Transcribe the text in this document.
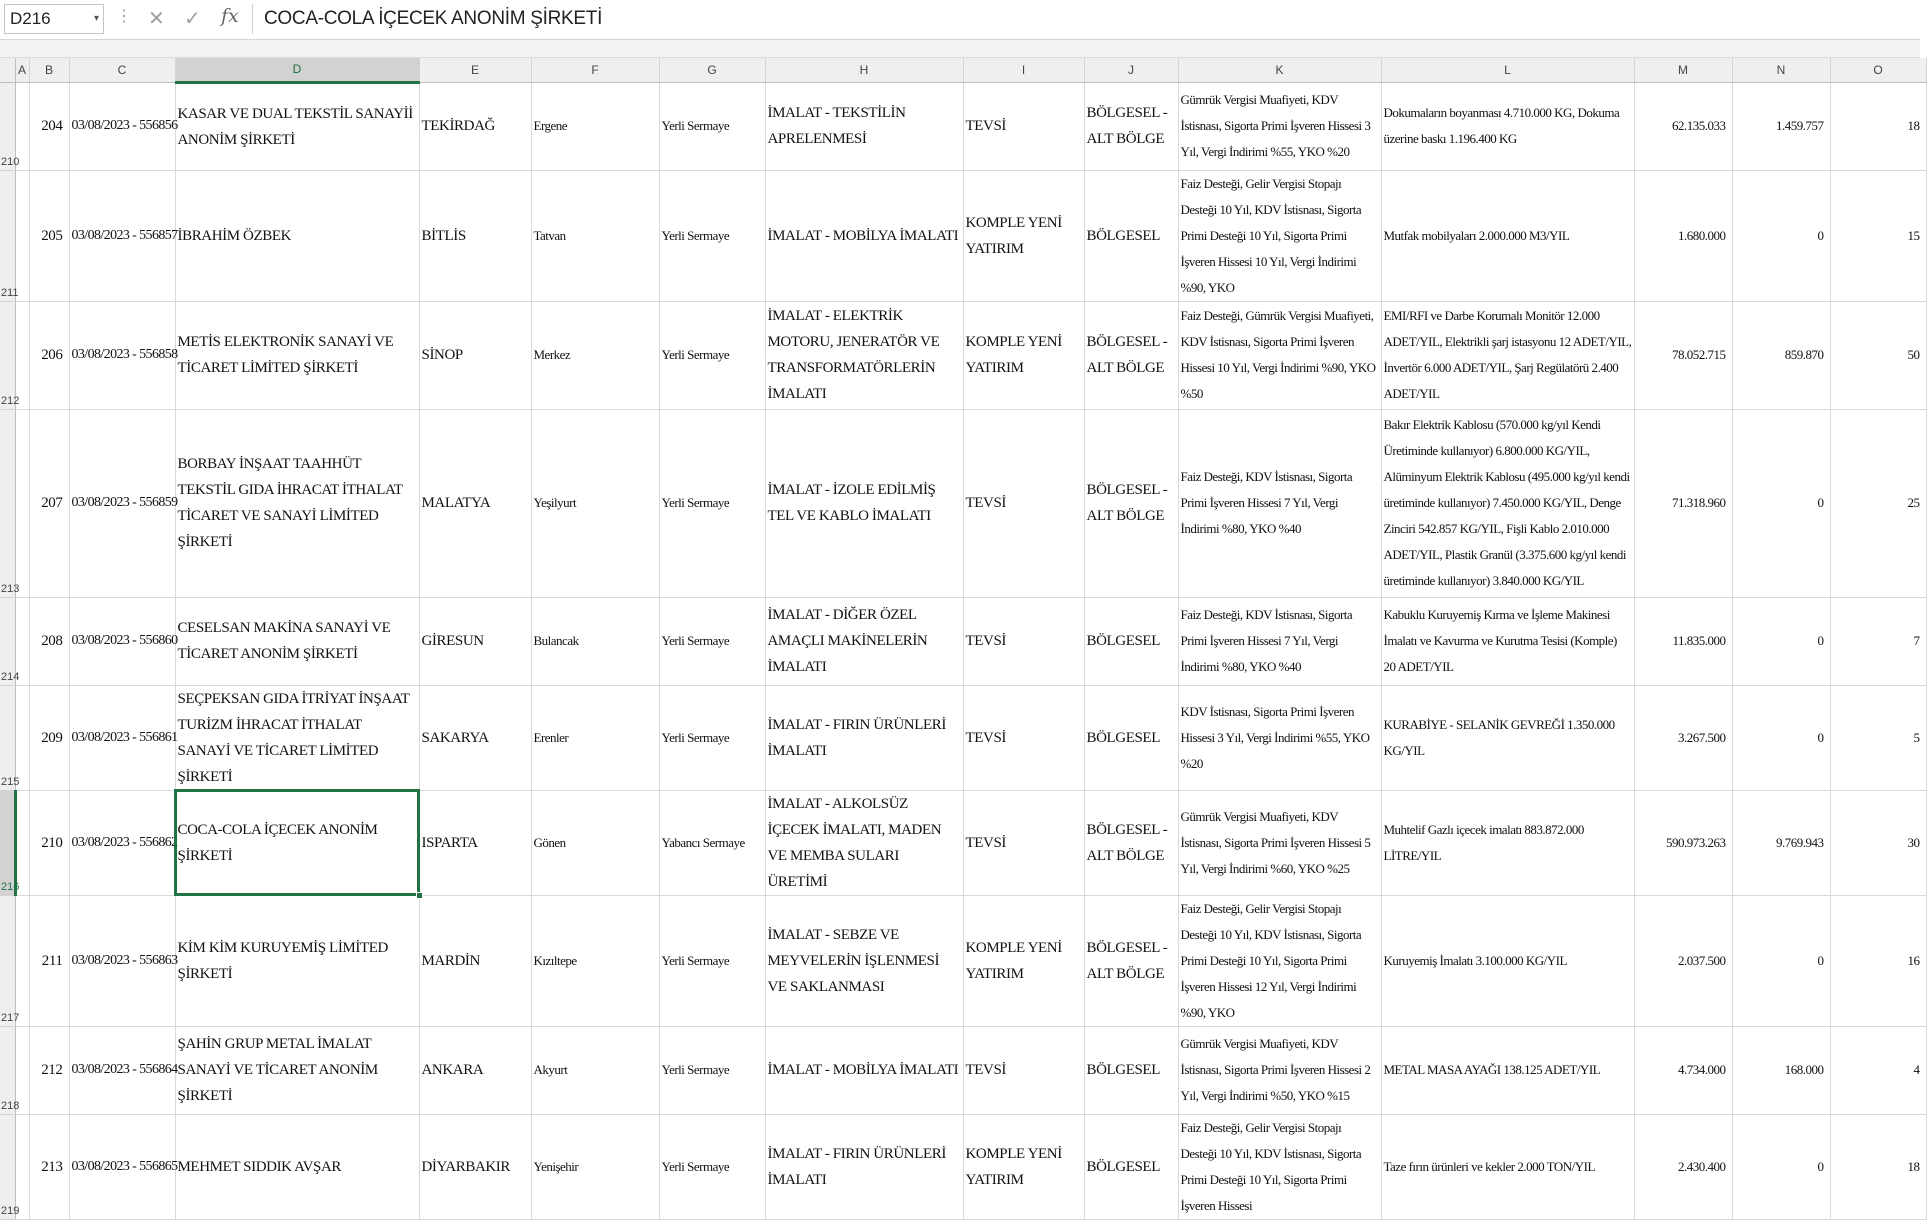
D216	▾ ⋮ ✕ ✓ fx	COCA-COLA İÇECEK ANONİM ŞİRKETİ
	A	B	C	D	E	F	G	H	I	J	K	L	M	N	O
210		204	03/08/2023 - 556856	KASAR VE DUAL TEKSTİL SANAYİİ ANONİM ŞİRKETİ	TEKİRDAĞ	Ergene	Yerli Sermaye	İMALAT - TEKSTİLİN APRELENMESİ	TEVSİ	BÖLGESEL - ALT BÖLGE	Gümrük Vergisi Muafiyeti, KDV İstisnası, Sigorta Primi İşveren Hissesi 3 Yıl, Vergi İndirimi %55, YKO %20	Dokumaların boyanması 4.710.000 KG, Dokuma üzerine baskı 1.196.400 KG	62.135.033	1.459.757	18
211		205	03/08/2023 - 556857	İBRAHİM ÖZBEK	BİTLİS	Tatvan	Yerli Sermaye	İMALAT - MOBİLYA İMALATI	KOMPLE YENİ YATIRIM	BÖLGESEL	Faiz Desteği, Gelir Vergisi Stopajı Desteği 10 Yıl, KDV İstisnası, Sigorta Primi Desteği 10 Yıl, Sigorta Primi İşveren Hissesi 10 Yıl, Vergi İndirimi %90, YKO	Mutfak mobilyaları 2.000.000 M3/YIL	1.680.000	0	15
212		206	03/08/2023 - 556858	METİS ELEKTRONİK SANAYİ VE TİCARET LİMİTED ŞİRKETİ	SİNOP	Merkez	Yerli Sermaye	İMALAT - ELEKTRİK MOTORU, JENERATÖR VE TRANSFORMATÖRLERİN İMALATI	KOMPLE YENİ YATIRIM	BÖLGESEL - ALT BÖLGE	Faiz Desteği, Gümrük Vergisi Muafiyeti, KDV İstisnası, Sigorta Primi İşveren Hissesi 10 Yıl, Vergi İndirimi %90, YKO %50	EMI/RFI ve Darbe Korumalı Monitör 12.000 ADET/YIL, Elektrikli şarj istasyonu 12 ADET/YIL, İnvertör 6.000 ADET/YIL, Şarj Regülatörü 2.400 ADET/YIL	78.052.715	859.870	50
213		207	03/08/2023 - 556859	BORBAY İNŞAAT TAAHHÜT TEKSTİL GIDA İHRACAT İTHALAT TİCARET VE SANAYİ LİMİTED ŞİRKETİ	MALATYA	Yeşilyurt	Yerli Sermaye	İMALAT - İZOLE EDİLMİŞ TEL VE KABLO İMALATI	TEVSİ	BÖLGESEL - ALT BÖLGE	Faiz Desteği, KDV İstisnası, Sigorta Primi İşveren Hissesi 7 Yıl, Vergi İndirimi %80, YKO %40	Bakır Elektrik Kablosu (570.000 kg/yıl Kendi Üretiminde kullanıyor) 6.800.000 KG/YIL, Alüminyum Elektrik Kablosu (495.000 kg/yıl kendi üretiminde kullanıyor) 7.450.000 KG/YIL, Denge Zinciri 542.857 KG/YIL, Fişli Kablo 2.010.000 ADET/YIL, Plastik Granül (3.375.600 kg/yıl kendi üretiminde kullanıyor) 3.840.000 KG/YIL	71.318.960	0	25
214		208	03/08/2023 - 556860	CESELSAN MAKİNA SANAYİ VE TİCARET ANONİM ŞİRKETİ	GİRESUN	Bulancak	Yerli Sermaye	İMALAT - DİĞER ÖZEL AMAÇLI MAKİNELERİN İMALATI	TEVSİ	BÖLGESEL	Faiz Desteği, KDV İstisnası, Sigorta Primi İşveren Hissesi 7 Yıl, Vergi İndirimi %80, YKO %40	Kabuklu Kuruyemiş Kırma ve İşleme Makinesi İmalatı ve Kavurma ve Kurutma Tesisi (Komple) 20 ADET/YIL	11.835.000	0	7
215		209	03/08/2023 - 556861	SEÇPEKSAN GIDA İTRİYAT İNŞAAT TURİZM İHRACAT İTHALAT SANAYİ VE TİCARET LİMİTED ŞİRKETİ	SAKARYA	Erenler	Yerli Sermaye	İMALAT - FIRIN ÜRÜNLERİ İMALATI	TEVSİ	BÖLGESEL	KDV İstisnası, Sigorta Primi İşveren Hissesi 3 Yıl, Vergi İndirimi %55, YKO %20	KURABİYE - SELANİK GEVREĞİ 1.350.000 KG/YIL	3.267.500	0	5
216		210	03/08/2023 - 556862	COCA-COLA İÇECEK ANONİM ŞİRKETİ	ISPARTA	Gönen	Yabancı Sermaye	İMALAT - ALKOLSÜZ İÇECEK İMALATI, MADEN VE MEMBA SULARI ÜRETİMİ	TEVSİ	BÖLGESEL - ALT BÖLGE	Gümrük Vergisi Muafiyeti, KDV İstisnası, Sigorta Primi İşveren Hissesi 5 Yıl, Vergi İndirimi %60, YKO %25	Muhtelif Gazlı içecek imalatı 883.872.000 LİTRE/YIL	590.973.263	9.769.943	30
217		211	03/08/2023 - 556863	KİM KİM KURUYEMİŞ LİMİTED ŞİRKETİ	MARDİN	Kızıltepe	Yerli Sermaye	İMALAT - SEBZE VE MEYVELERİN İŞLENMESİ VE SAKLANMASI	KOMPLE YENİ YATIRIM	BÖLGESEL - ALT BÖLGE	Faiz Desteği, Gelir Vergisi Stopajı Desteği 10 Yıl, KDV İstisnası, Sigorta Primi Desteği 10 Yıl, Sigorta Primi İşveren Hissesi 12 Yıl, Vergi İndirimi %90, YKO	Kuruyemiş İmalatı 3.100.000 KG/YIL	2.037.500	0	16
218		212	03/08/2023 - 556864	ŞAHİN GRUP METAL İMALAT SANAYİ VE TİCARET ANONİM ŞİRKETİ	ANKARA	Akyurt	Yerli Sermaye	İMALAT - MOBİLYA İMALATI	TEVSİ	BÖLGESEL	Gümrük Vergisi Muafiyeti, KDV İstisnası, Sigorta Primi İşveren Hissesi 2 Yıl, Vergi İndirimi %50, YKO %15	METAL MASA AYAĞI 138.125 ADET/YIL	4.734.000	168.000	4
219		213	03/08/2023 - 556865	MEHMET SIDDIK AVŞAR	DİYARBAKIR	Yenişehir	Yerli Sermaye	İMALAT - FIRIN ÜRÜNLERİ İMALATI	KOMPLE YENİ YATIRIM	BÖLGESEL	Faiz Desteği, Gelir Vergisi Stopajı Desteği 10 Yıl, KDV İstisnası, Sigorta Primi Desteği 10 Yıl, Sigorta Primi İşveren Hissesi	Taze fırın ürünleri ve kekler 2.000 TON/YIL	2.430.400	0	18
